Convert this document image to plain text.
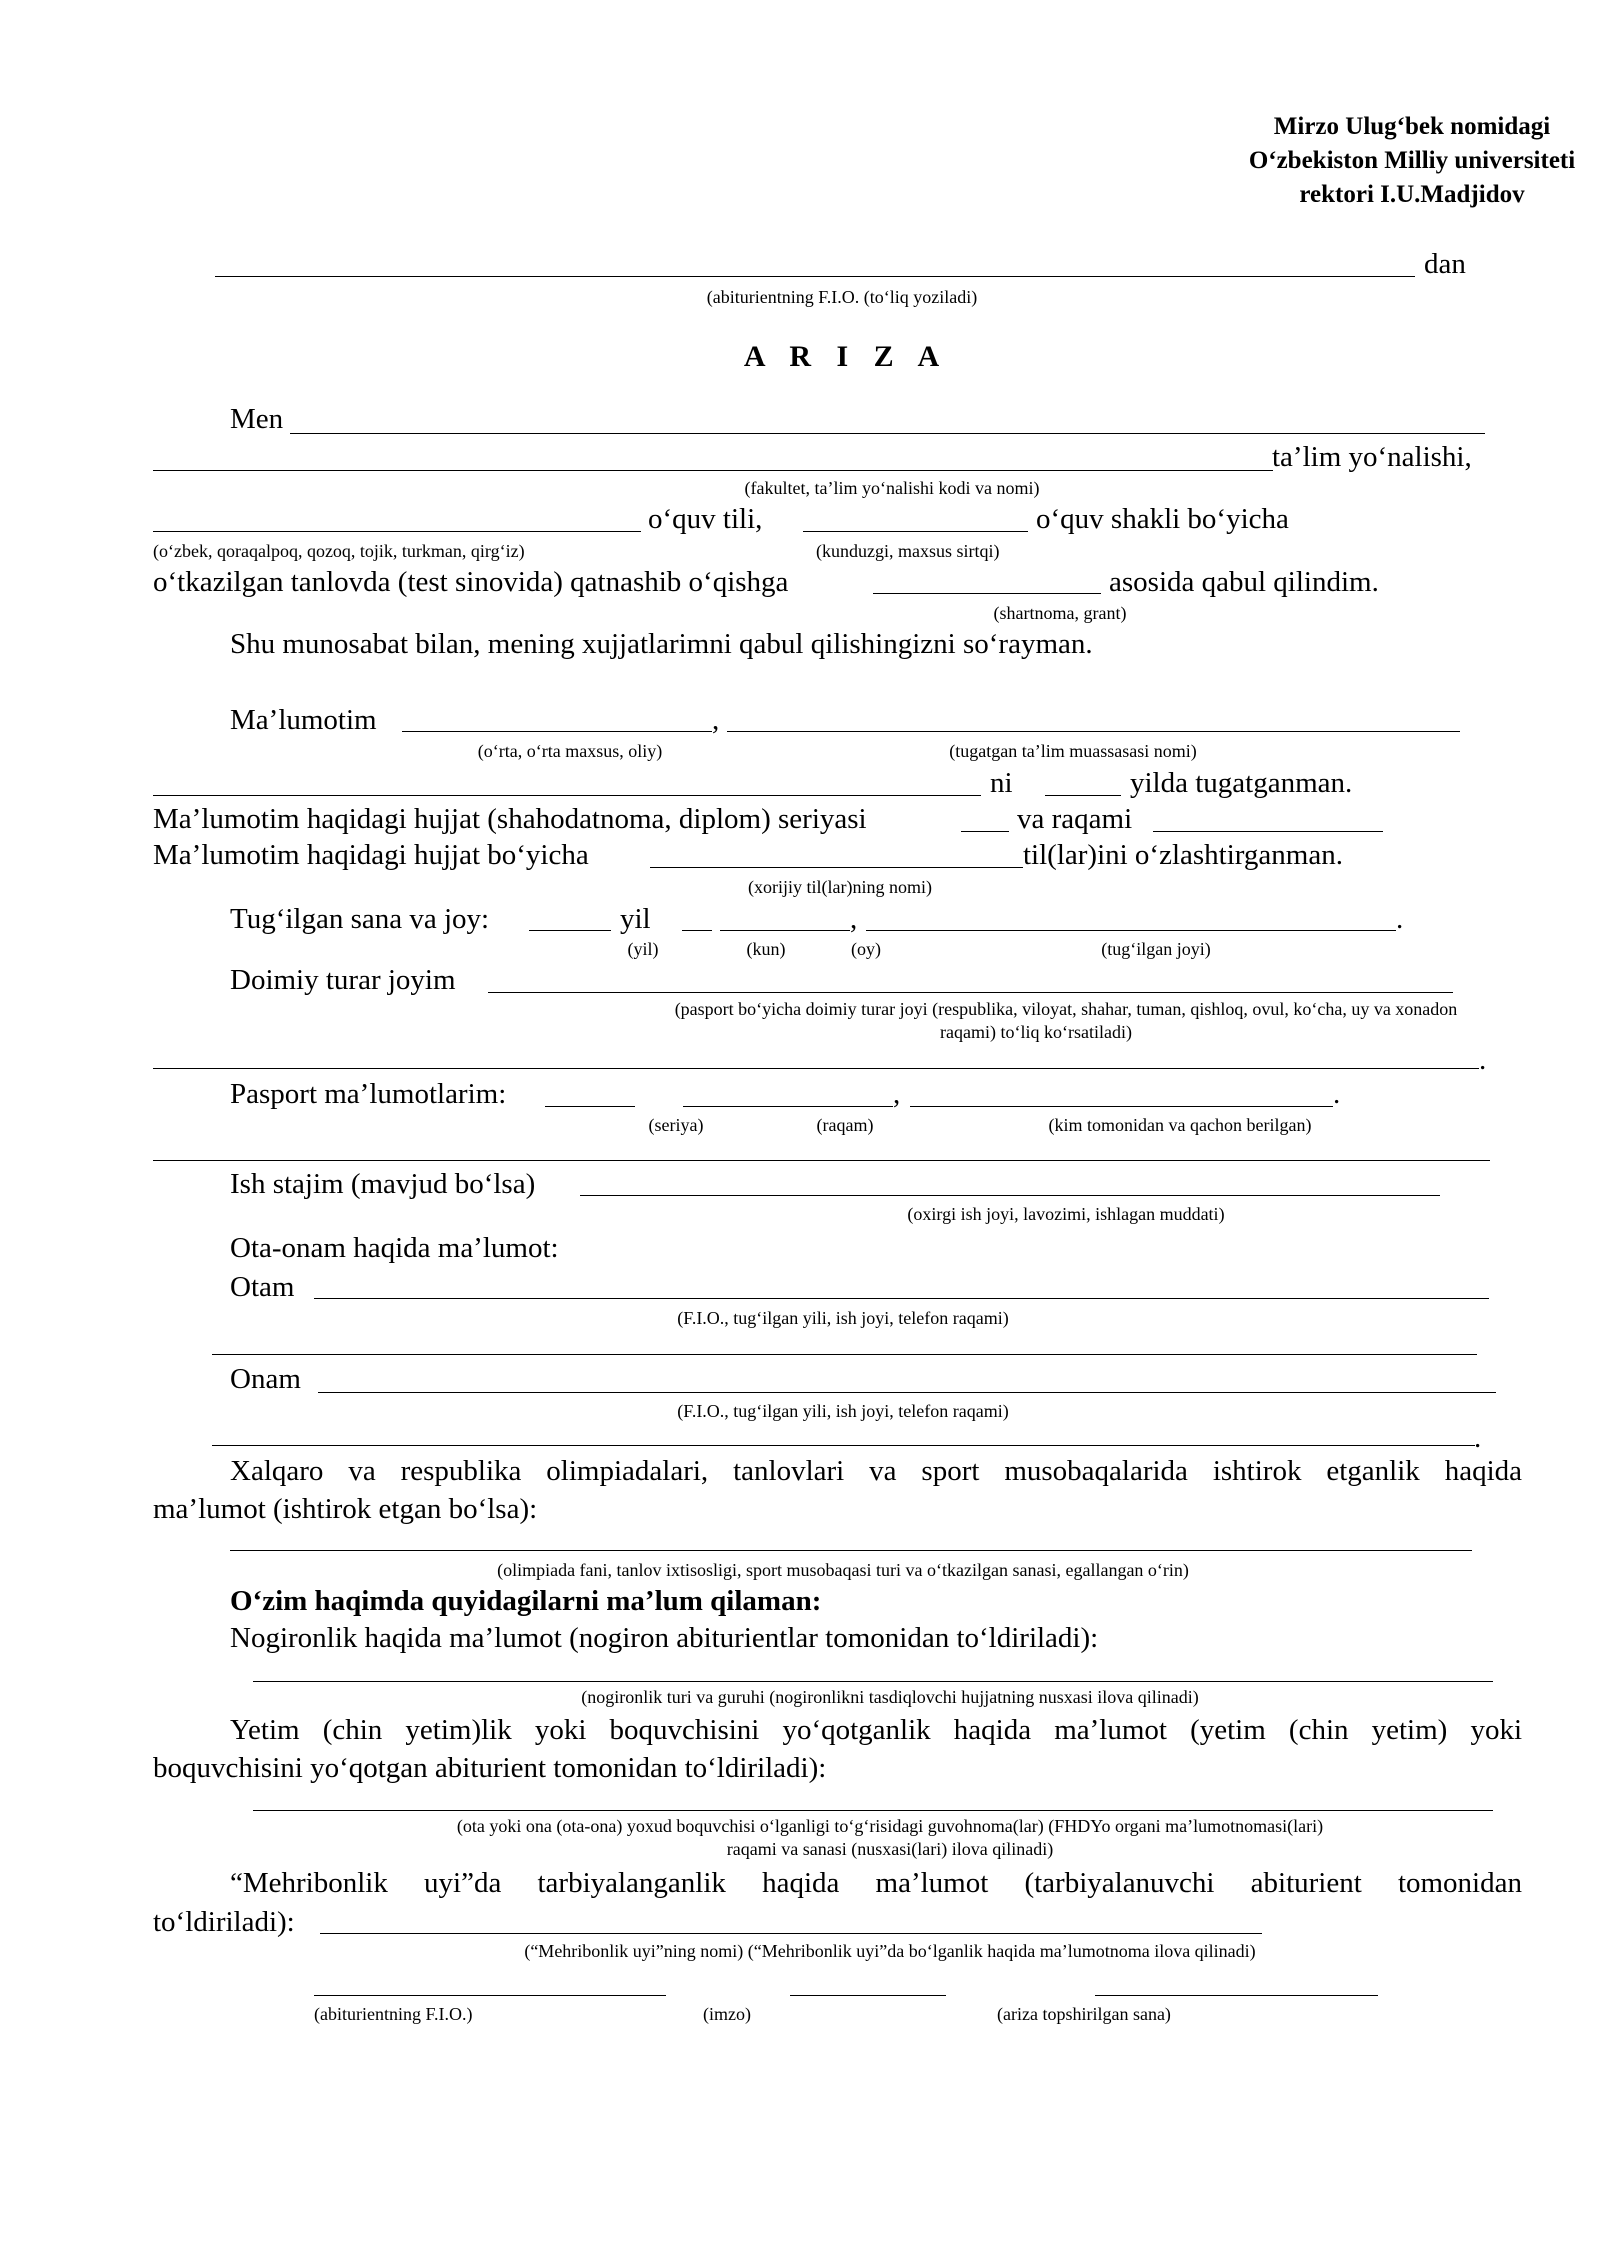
Mirzo Ulug‘bek nomidagi
O‘zbekiston Milliy universiteti
rektori I.U.Madjidov
dan
(abiturientning F.I.O. (to‘liq yoziladi)
A R I Z A
Men
ta’lim yo‘nalishi,
(fakultet, ta’lim yo‘nalishi kodi va nomi)
o‘quv tili,	o‘quv shakli bo‘yicha
(o‘zbek, qoraqalpoq, qozoq, tojik, turkman, qirg‘iz)	(kunduzgi, maxsus sirtqi)
o‘tkazilgan tanlovda (test sinovida) qatnashib o‘qishga	asosida qabul qilindim.
(shartnoma, grant)
Shu munosabat bilan, mening xujjatlarimni qabul qilishingizni so‘rayman.
Ma’lumotim	,
(o‘rta, o‘rta maxsus, oliy)	(tugatgan ta’lim muassasasi nomi)
ni	yilda tugatganman.
Ma’lumotim haqidagi hujjat (shahodatnoma, diplom) seriyasi	va raqami
Ma’lumotim haqidagi hujjat bo‘yicha	til(lar)ini o‘zlashtirganman.
(xorijiy til(lar)ning nomi)
Tug‘ilgan sana va joy:	yil	,	.
(yil)	(kun)	(oy)	(tug‘ilgan joyi)
Doimiy turar joyim
(pasport bo‘yicha doimiy turar joyi (respublika, viloyat, shahar, tuman, qishloq, ovul, ko‘cha, uy va xonadon
raqami) to‘liq ko‘rsatiladi)
.
Pasport ma’lumotlarim:	,	.
(seriya)	(raqam)	(kim tomonidan va qachon berilgan)
Ish stajim (mavjud bo‘lsa)
(oxirgi ish joyi, lavozimi, ishlagan muddati)
Ota-onam haqida ma’lumot:
Otam
(F.I.O., tug‘ilgan yili, ish joyi, telefon raqami)
Onam
(F.I.O., tug‘ilgan yili, ish joyi, telefon raqami)
.
Xalqaro va respublika olimpiadalari, tanlovlari va sport musobaqalarida ishtirok etganlik haqida
ma’lumot (ishtirok etgan bo‘lsa):
(olimpiada fani, tanlov ixtisosligi, sport musobaqasi turi va o‘tkazilgan sanasi, egallangan o‘rin)
O‘zim haqimda quyidagilarni ma’lum qilaman:
Nogironlik haqida ma’lumot (nogiron abiturientlar tomonidan to‘ldiriladi):
(nogironlik turi va guruhi (nogironlikni tasdiqlovchi hujjatning nusxasi ilova qilinadi)
Yetim (chin yetim)lik yoki boquvchisini yo‘qotganlik haqida ma’lumot (yetim (chin yetim) yoki
boquvchisini yo‘qotgan abiturient tomonidan to‘ldiriladi):
(ota yoki ona (ota-ona) yoxud boquvchisi o‘lganligi to‘g‘risidagi guvohnoma(lar) (FHDYo organi ma’lumotnomasi(lari)
raqami va sanasi (nusxasi(lari) ilova qilinadi)
“Mehribonlik uyi”da tarbiyalanganlik haqida ma’lumot (tarbiyalanuvchi abiturient tomonidan
to‘ldiriladi):
(“Mehribonlik uyi”ning nomi) (“Mehribonlik uyi”da bo‘lganlik haqida ma’lumotnoma ilova qilinadi)
(abiturientning F.I.O.)	(imzo)	(ariza topshirilgan sana)
